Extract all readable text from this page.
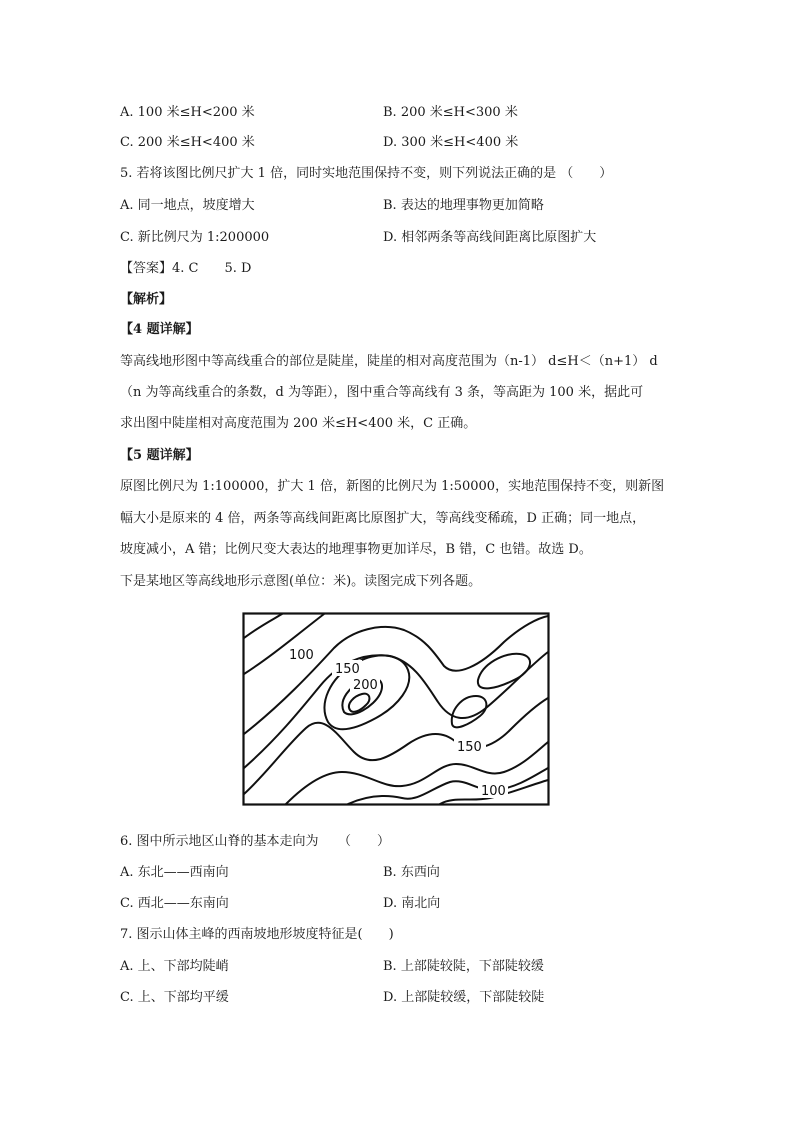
A. 100 米≤H<200 米	B. 200 米≤H<300 米
C. 200 米≤H<400 米	D. 300 米≤H<400 米
5. 若将该图比例尺扩大 1 倍，同时实地范围保持不变，则下列说法正确的是 （　　）
A. 同一地点，坡度增大	B. 表达的地理事物更加简略
C. 新比例尺为 1:200000	D. 相邻两条等高线间距离比原图扩大
【答案】4. C　　5. D
【解析】
【4 题详解】
等高线地形图中等高线重合的部位是陡崖，陡崖的相对高度范围为（n-1） d≤H＜（n+1） d
（n 为等高线重合的条数，d 为等距），图中重合等高线有 3 条，等高距为 100 米，据此可
求出图中陡崖相对高度范围为 200 米≤H<400 米，C 正确。
【5 题详解】
原图比例尺为 1:100000，扩大 1 倍，新图的比例尺为 1:50000，实地范围保持不变，则新图
幅大小是原来的 4 倍，两条等高线间距离比原图扩大，等高线变稀疏，D 正确；同一地点，
坡度减小，A 错；比例尺变大表达的地理事物更加详尽，B 错，C 也错。故选 D。
下是某地区等高线地形示意图(单位：米)。读图完成下列各题。
100
150
200
150
100
6. 图中所示地区山脊的基本走向为　　（　　）
A. 东北——西南向	B. 东西向
C. 西北——东南向	D. 南北向
7. 图示山体主峰的西南坡地形坡度特征是(　　)
A. 上、下部均陡峭	B. 上部陡较陡，下部陡较缓
C. 上、下部均平缓	D. 上部陡较缓，下部陡较陡
